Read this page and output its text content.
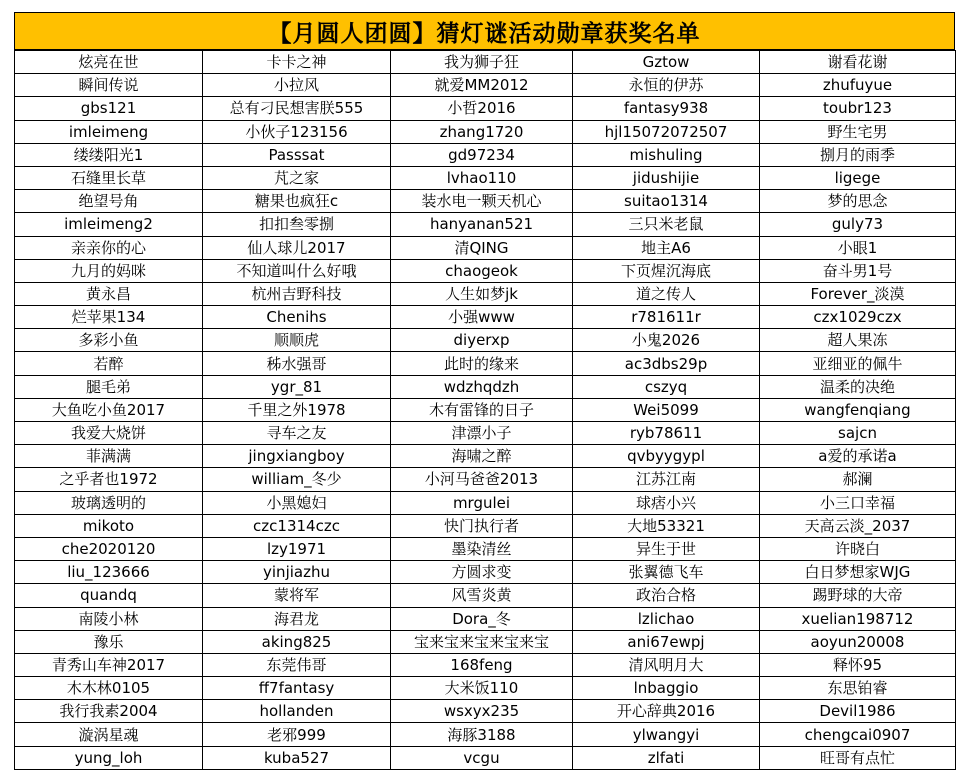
【月圆人团圆】猜灯谜活动勋章获奖名单
炫亮在世	卡卡之神	我为狮子狂	Gztow	谢看花谢
瞬间传说	小拉风	就爱MM2012	永恒的伊苏	zhufuyue
gbs121	总有刁民想害朕555	小哲2016	fantasy938	toubr123
imleimeng	小伙子123156	zhang1720	hjl15072072507	野生宅男
缕缕阳光1	Passsat	gd97234	mishuling	捌月的雨季
石缝里长草	芃之家	lvhao110	jidushijie	ligege
绝望号角	糖果也疯狂c	装水电一颗天机心	suitao1314	梦的思念
imleimeng2	扣扣叁零捌	hanyanan521	三只米老鼠	guly73
亲亲你的心	仙人球儿2017	清QING	地主A6	小眼1
九月的妈咪	不知道叫什么好哦	chaogeok	下页煋沉海底	奋斗男1号
黄永昌	杭州吉野科技	人生如梦jk	道之传人	Forever_淡漠
烂苹果134	Chenihs	小强www	r781611r	czx1029czx
多彩小鱼	顺顺虎	diyerxp	小鬼2026	超人果冻
若醉	秭水强哥	此时的缘来	ac3dbs29p	亚细亚的佩牛
腿毛弟	ygr_81	wdzhqdzh	cszyq	温柔的决绝
大鱼吃小鱼2017	千里之外1978	木有雷锋的日子	Wei5099	wangfenqiang
我爱大烧饼	寻车之友	津漂小子	ryb78611	sajcn
菲满满	jingxiangboy	海啸之醉	qvbyygypl	a爱的承诺a
之乎者也1972	william_冬少	小河马爸爸2013	江苏江南	郝澜
玻璃透明的	小黑媳妇	mrgulei	球痞小兴	小三口幸福
mikoto	czc1314czc	快门执行者	大地53321	天高云淡_2037
che2020120	lzy1971	墨染清丝	异生于世	许晓白
liu_123666	yinjiazhu	方圆求变	张翼德飞车	白日梦想家WJG
quandq	蒙将军	风雪炎黄	政治合格	踢野球的大帝
南陵小林	海君龙	Dora_冬	lzlichao	xuelian198712
豫乐	aking825	宝来宝来宝来宝来宝	ani67ewpj	aoyun20008
青秀山车神2017	东莞伟哥	168feng	清风明月大	释怀95
木木林0105	ff7fantasy	大米饭110	lnbaggio	东思铂睿
我行我素2004	hollanden	wsxyx235	开心辞典2016	Devil1986
漩涡星魂	老邪999	海豚3188	ylwangyi	chengcai0907
yung_loh	kuba527	vcgu	zlfati	旺哥有点忙
